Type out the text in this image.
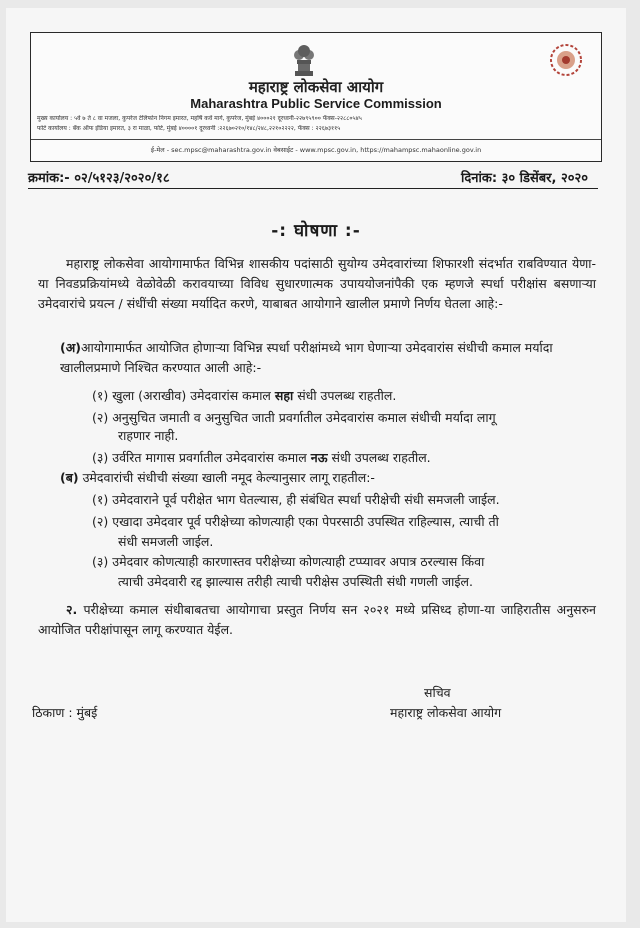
महाराष्ट्र लोकसेवा आयोग
Maharashtra Public Service Commission
मुख्य कार्यालय : ५वे ७ ते ८ वा मजला, कुपरेज टेलिफोन निगम इमारत, महर्षि कर्वे मार्ग, कुपरेज, मुंबई ४०००२१ दूरध्वनी-२२७९५९०० फॅक्स-२२८८०५४५
फोर्ट कार्यालय : बँक ऑफ इंडिया इमारत, ३ रा माळा, फोर्ट, मुंबई ४००००१ दूरध्वनी :२२६७०२१०/१४८/२४८,२२१०२२२२, फॅक्स : २२६७३११५
ई-मेल - sec.mpsc@maharashtra.gov.in वेबसाईट - www.mpsc.gov.in, https://mahampsc.mahaonline.gov.in
क्रमांक:- ०२/५१२३/२०२०/१८	दिनांक: ३० डिसेंबर, २०२०
-: घोषणा :-
महाराष्ट्र लोकसेवा आयोगामार्फत विभिन्न शासकीय पदांसाठी सुयोग्य उमेदवारांच्या शिफारशी संदर्भात राबविण्यात येणा-या निवडप्रक्रियांमध्ये वेळोवेळी करावयाच्या विविध सुधारणात्मक उपाययोजनांपैकी एक म्हणजे स्पर्धा परीक्षांस बसणाऱ्या उमेदवारांचे प्रयत्न / संधींची संख्या मर्यादित करणे, याबाबत आयोगाने खालील प्रमाणे निर्णय घेतला आहे:-
(अ)आयोगामार्फत आयोजित होणाऱ्या विभिन्न स्पर्धा परीक्षांमध्ये भाग घेणाऱ्या उमेदवारांस संधीची कमाल मर्यादा खालीलप्रमाणे निश्चित करण्यात आली आहे:-
(१) खुला (अराखीव) उमेदवारांस कमाल सहा संधी उपलब्ध राहतील.
(२) अनुसुचित जमाती व अनुसुचित जाती प्रवर्गातील उमेदवारांस कमाल संधीची मर्यादा लागू
राहणार नाही.
(३) उर्वरित मागास प्रवर्गातील उमेदवारांस कमाल नऊ संधी उपलब्ध राहतील.
(ब) उमेदवारांची संधीची संख्या खाली नमूद केल्यानुसार लागू राहतील:-
(१) उमेदवाराने पूर्व परीक्षेत भाग घेतल्यास, ही संबंधित स्पर्धा परीक्षेची संधी समजली जाईल.
(२) एखादा उमेदवार पूर्व परीक्षेच्या कोणत्याही एका पेपरसाठी उपस्थित राहिल्यास, त्याची ती
संधी समजली जाईल.
(३) उमेदवार कोणत्याही कारणास्तव परीक्षेच्या कोणत्याही टप्प्यावर अपात्र ठरल्यास किंवा
त्याची उमेदवारी रद्द झाल्यास तरीही त्याची परीक्षेस उपस्थिती संधी गणली जाईल.
२. परीक्षेच्या कमाल संधीबाबतचा आयोगाचा प्रस्तुत निर्णय सन २०२१ मध्ये प्रसिध्द होणा-या जाहिरातीस अनुसरुन आयोजित परीक्षांपासून लागू करण्यात येईल.
सचिव
महाराष्ट्र लोकसेवा आयोग
ठिकाण : मुंबई
